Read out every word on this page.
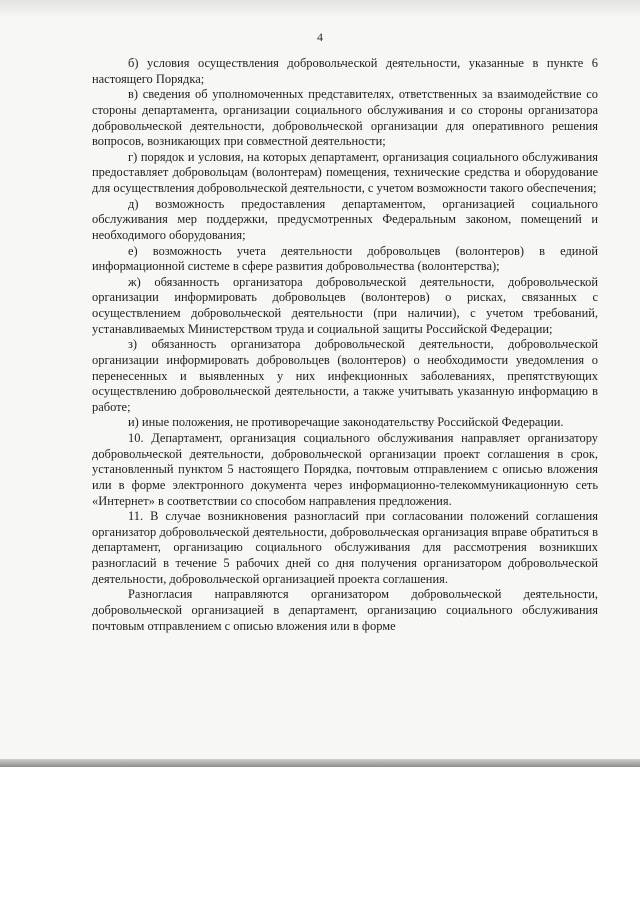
4

б) условия осуществления добровольческой деятельности, указанные в пункте 6 настоящего Порядка;

в) сведения об уполномоченных представителях, ответственных за взаимодействие со стороны департамента, организации социального обслуживания и со стороны организатора добровольческой деятельности, добровольческой организации для оперативного решения вопросов, возникающих при совместной деятельности;

г) порядок и условия, на которых департамент, организация социального обслуживания предоставляет добровольцам (волонтерам) помещения, технические средства и оборудование для осуществления добровольческой деятельности, с учетом возможности такого обеспечения;

д) возможность предоставления департаментом, организацией социального обслуживания мер поддержки, предусмотренных Федеральным законом, помещений и необходимого оборудования;

е) возможность учета деятельности добровольцев (волонтеров) в единой информационной системе в сфере развития добровольчества (волонтерства);

ж) обязанность организатора добровольческой деятельности, добровольческой организации информировать добровольцев (волонтеров) о рисках, связанных с осуществлением добровольческой деятельности (при наличии), с учетом требований, устанавливаемых Министерством труда и социальной защиты Российской Федерации;

з) обязанность организатора добровольческой деятельности, добровольческой организации информировать добровольцев (волонтеров) о необходимости уведомления о перенесенных и выявленных у них инфекционных заболеваниях, препятствующих осуществлению добровольческой деятельности, а также учитывать указанную информацию в работе;

и) иные положения, не противоречащие законодательству Российской Федерации.

10. Департамент, организация социального обслуживания направляет организатору добровольческой деятельности, добровольческой организации проект соглашения в срок, установленный пунктом 5 настоящего Порядка, почтовым отправлением с описью вложения или в форме электронного документа через информационно-телекоммуникационную сеть «Интернет» в соответствии со способом направления предложения.

11. В случае возникновения разногласий при согласовании положений соглашения организатор добровольческой деятельности, добровольческая организация вправе обратиться в департамент, организацию социального обслуживания для рассмотрения возникших разногласий в течение 5 рабочих дней со дня получения организатором добровольческой деятельности, добровольческой организацией проекта соглашения.

Разногласия направляются организатором добровольческой деятельности, добровольческой организацией в департамент, организацию социального обслуживания почтовым отправлением с описью вложения или в форме
